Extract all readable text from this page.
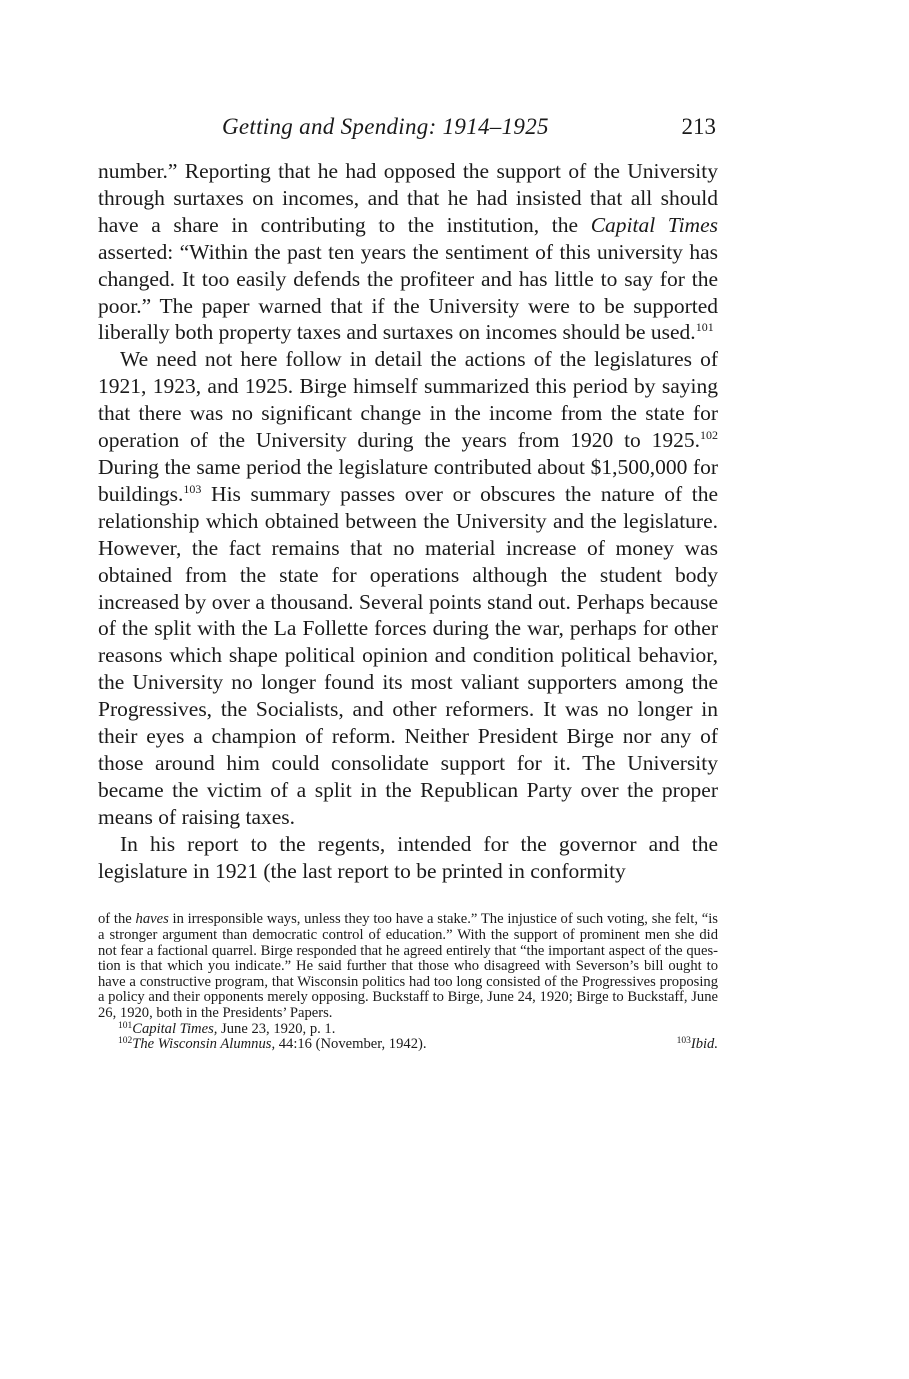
Getting and Spending: 1914–1925	213

number.” Reporting that he had opposed the support of the University through surtaxes on incomes, and that he had insisted that all should have a share in contributing to the institution, the Capital Times asserted: “Within the past ten years the sentiment of this university has changed. It too easily defends the profiteer and has little to say for the poor.” The paper warned that if the University were to be supported liberally both property taxes and surtaxes on incomes should be used.$^{101}$

We need not here follow in detail the actions of the legislatures of 1921, 1923, and 1925. Birge himself summarized this period by saying that there was no significant change in the income from the state for operation of the University during the years from 1920 to 1925.$^{102}$ During the same period the legislature contributed about $1,500,000 for buildings.$^{103}$ His summary passes over or obscures the nature of the relationship which obtained between the University and the legislature. However, the fact remains that no material increase of money was obtained from the state for operations although the student body increased by over a thousand. Several points stand out. Perhaps because of the split with the La Follette forces during the war, perhaps for other reasons which shape political opinion and condition political behavior, the University no longer found its most valiant supporters among the Progressives, the Socialists, and other reformers. It was no longer in their eyes a champion of reform. Neither President Birge nor any of those around him could consolidate support for it. The University became the victim of a split in the Republican Party over the proper means of raising taxes.

In his report to the regents, intended for the governor and the legislature in 1921 (the last report to be printed in conformity

of the haves in irresponsible ways, unless they too have a stake.” The injustice of such voting, she felt, “is a stronger argument than democratic control of education.” With the support of prominent men she did not fear a factional quarrel. Birge responded that he agreed entirely that “the important aspect of the question is that which you indicate.” He said further that those who disagreed with Severson’s bill ought to have a constructive program, that Wisconsin politics had too long consisted of the Progressives proposing a policy and their opponents merely opposing. Buckstaff to Birge, June 24, 1920; Birge to Buckstaff, June 26, 1920, both in the Presidents’ Papers.

$^{101}$Capital Times, June 23, 1920, p. 1.

$^{102}$The Wisconsin Alumnus, 44:16 (November, 1942).	$^{103}$Ibid.
